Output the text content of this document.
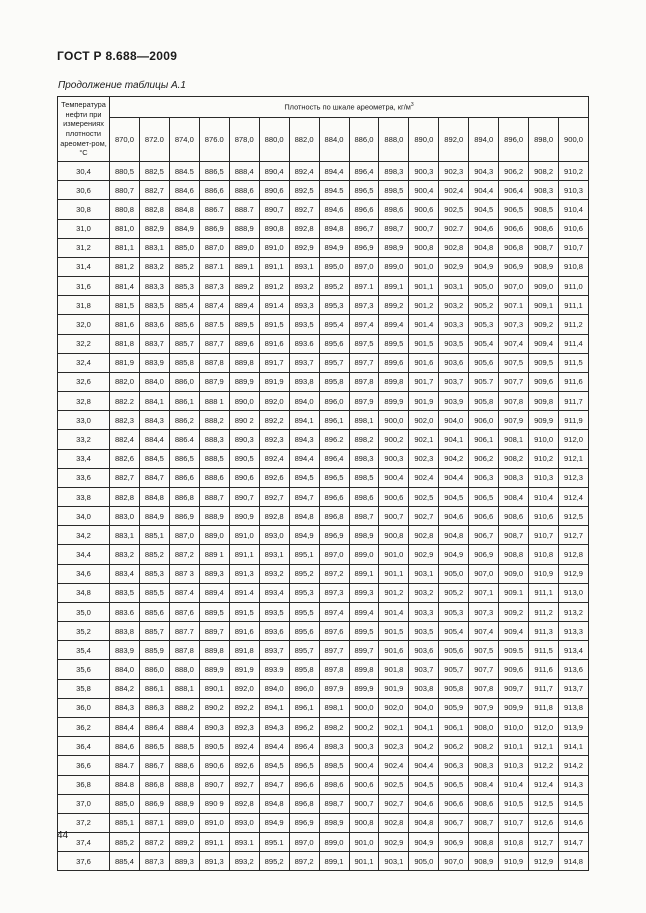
ГОСТ Р 8.688—2009
Продолжение таблицы А.1
Температура нефти при измерениях плотности ареомет-ром, °С	Плотность по шкале ареометра, $кг/м^3$
	870,0	872.0	874,0	876.0	878,0	880,0	882,0	884,0	886,0	888,0	890,0	892,0	894,0	896,0	898,0	900,0
30,4	880,5	882,5	884.5	886,5	888,4	890,4	892,4	894,4	896,4	898,3	900,3	902,3	904,3	906,2	908,2	910,2
30,6	880,7	882,7	884,6	886,6	888,6	890,6	892,5	894.5	896,5	898,5	900,4	902,4	904,4	906,4	908,3	910,3
30,8	880,8	882,8	884,8	886.7	888.7	890,7	892,7	894,6	896,6	898,6	900,6	902,5	904,5	906,5	908,5	910,4
31,0	881,0	882,9	884,9	886,9	888,9	890,8	892,8	894,8	896,7	898,7	900,7	902.7	904,6	906,6	908,6	910,6
31,2	881,1	883,1	885,0	887,0	889,0	891,0	892,9	894,9	896,9	898,9	900,8	902,8	904,8	906,8	908,7	910,7
31,4	881,2	883,2	885,2	887.1	889,1	891,1	893,1	895,0	897,0	899,0	901,0	902,9	904,9	906,9	908,9	910,8
31,6	881,4	883,3	885,3	887,3	889,2	891,2	893,2	895,2	897.1	899,1	901,1	903,1	905,0	907,0	909,0	911,0
31,8	881,5	883,5	885,4	887,4	889,4	891.4	893,3	895,3	897,3	899,2	901,2	903,2	905,2	907.1	909,1	911,1
32,0	881,6	883,6	885,6	887.5	889,5	891,5	893,5	895,4	897,4	899,4	901,4	903,3	905,3	907,3	909,2	911,2
32,2	881,8	883,7	885,7	887,7	889,6	891,6	893.6	895,6	897,5	899,5	901,5	903,5	905,4	907,4	909,4	911,4
32,4	881,9	883,9	885,8	887,8	889,8	891,7	893,7	895,7	897,7	899,6	901,6	903,6	905,6	907,5	909,5	911,5
32,6	882,0	884,0	886,0	887,9	889,9	891,9	893,8	895,8	897,8	899,8	901,7	903,7	905.7	907,7	909,6	911,6
32,8	882.2	884,1	886,1	888 1	890,0	892,0	894,0	896,0	897,9	899,9	901,9	903,9	905,8	907,8	909,8	911,7
33,0	882,3	884,3	886,2	888,2	890 2	892,2	894,1	896,1	898,1	900,0	902,0	904,0	906,0	907,9	909,9	911,9
33,2	882,4	884,4	886.4	888,3	890,3	892,3	894,3	896.2	898,2	900,2	902,1	904,1	906,1	908,1	910,0	912,0
33,4	882,6	884,5	886,5	888,5	890,5	892,4	894,4	896,4	898,3	900,3	902,3	904,2	906,2	908,2	910,2	912,1
33,6	882,7	884,7	886,6	888,6	890,6	892,6	894,5	896,5	898,5	900,4	902,4	904,4	906,3	908,3	910,3	912,3
33,8	882,8	884,8	886,8	888,7	890,7	892,7	894,7	896,6	898,6	900,6	902,5	904,5	906,5	908,4	910,4	912,4
34,0	883,0	884,9	886,9	888,9	890,9	892,8	894,8	896,8	898,7	900,7	902,7	904,6	906,6	908,6	910,6	912,5
34,2	883,1	885,1	887,0	889,0	891,0	893,0	894,9	896,9	898,9	900,8	902,8	904,8	906,7	908,7	910,7	912,7
34,4	883,2	885,2	887,2	889 1	891,1	893,1	895,1	897,0	899,0	901,0	902,9	904,9	906,9	908,8	910,8	912,8
34,6	883,4	885,3	887 3	889,3	891,3	893,2	895,2	897,2	899,1	901,1	903,1	905,0	907,0	909,0	910,9	912,9
34,8	883,5	885,5	887.4	889,4	891.4	893,4	895,3	897,3	899,3	901,2	903,2	905,2	907,1	909.1	911,1	913,0
35,0	883.6	885,6	887,6	889,5	891,5	893,5	895,5	897,4	899,4	901,4	903,3	905,3	907,3	909,2	911,2	913,2
35,2	883,8	885,7	887.7	889,7	891,6	893,6	895,6	897,6	899,5	901,5	903,5	905,4	907,4	909,4	911,3	913,3
35,4	883,9	885,9	887,8	889,8	891,8	893,7	895,7	897,7	899,7	901,6	903,6	905,6	907,5	909.5	911,5	913,4
35,6	884,0	886,0	888,0	889,9	891,9	893.9	895,8	897,8	899,8	901,8	903,7	905,7	907,7	909,6	911,6	913,6
35,8	884,2	886,1	888,1	890,1	892,0	894,0	896,0	897,9	899,9	901,9	903,8	905,8	907,8	909,7	911,7	913,7
36,0	884,3	886,3	888,2	890,2	892,2	894,1	896,1	898,1	900,0	902,0	904,0	905,9	907,9	909,9	911,8	913,8
36,2	884,4	886,4	888,4	890,3	892,3	894,3	896,2	898,2	900,2	902,1	904,1	906,1	908,0	910,0	912,0	913,9
36,4	884,6	886,5	888,5	890,5	892,4	894,4	896,4	898,3	900,3	902,3	904,2	906,2	908,2	910,1	912,1	914,1
36,6	884.7	886,7	888,6	890,6	892,6	894,5	896,5	898,5	900,4	902,4	904,4	906,3	908,3	910,3	912,2	914,2
36,8	884.8	886,8	888,8	890,7	892,7	894,7	896,6	898,6	900,6	902,5	904,5	906,5	908,4	910,4	912,4	914,3
37,0	885,0	886,9	888,9	890 9	892,8	894,8	896,8	898,7	900,7	902,7	904,6	906,6	908,6	910,5	912,5	914,5
37,2	885,1	887,1	889,0	891,0	893,0	894,9	896,9	898,9	900,8	902,8	904,8	906,7	908,7	910,7	912,6	914,6
37,4	885,2	887,2	889,2	891,1	893.1	895.1	897,0	899,0	901,0	902,9	904,9	906,9	908,8	910,8	912,7	914,7
37,6	885,4	887,3	889,3	891,3	893,2	895,2	897,2	899,1	901,1	903,1	905,0	907,0	908,9	910,9	912,9	914,8
44
